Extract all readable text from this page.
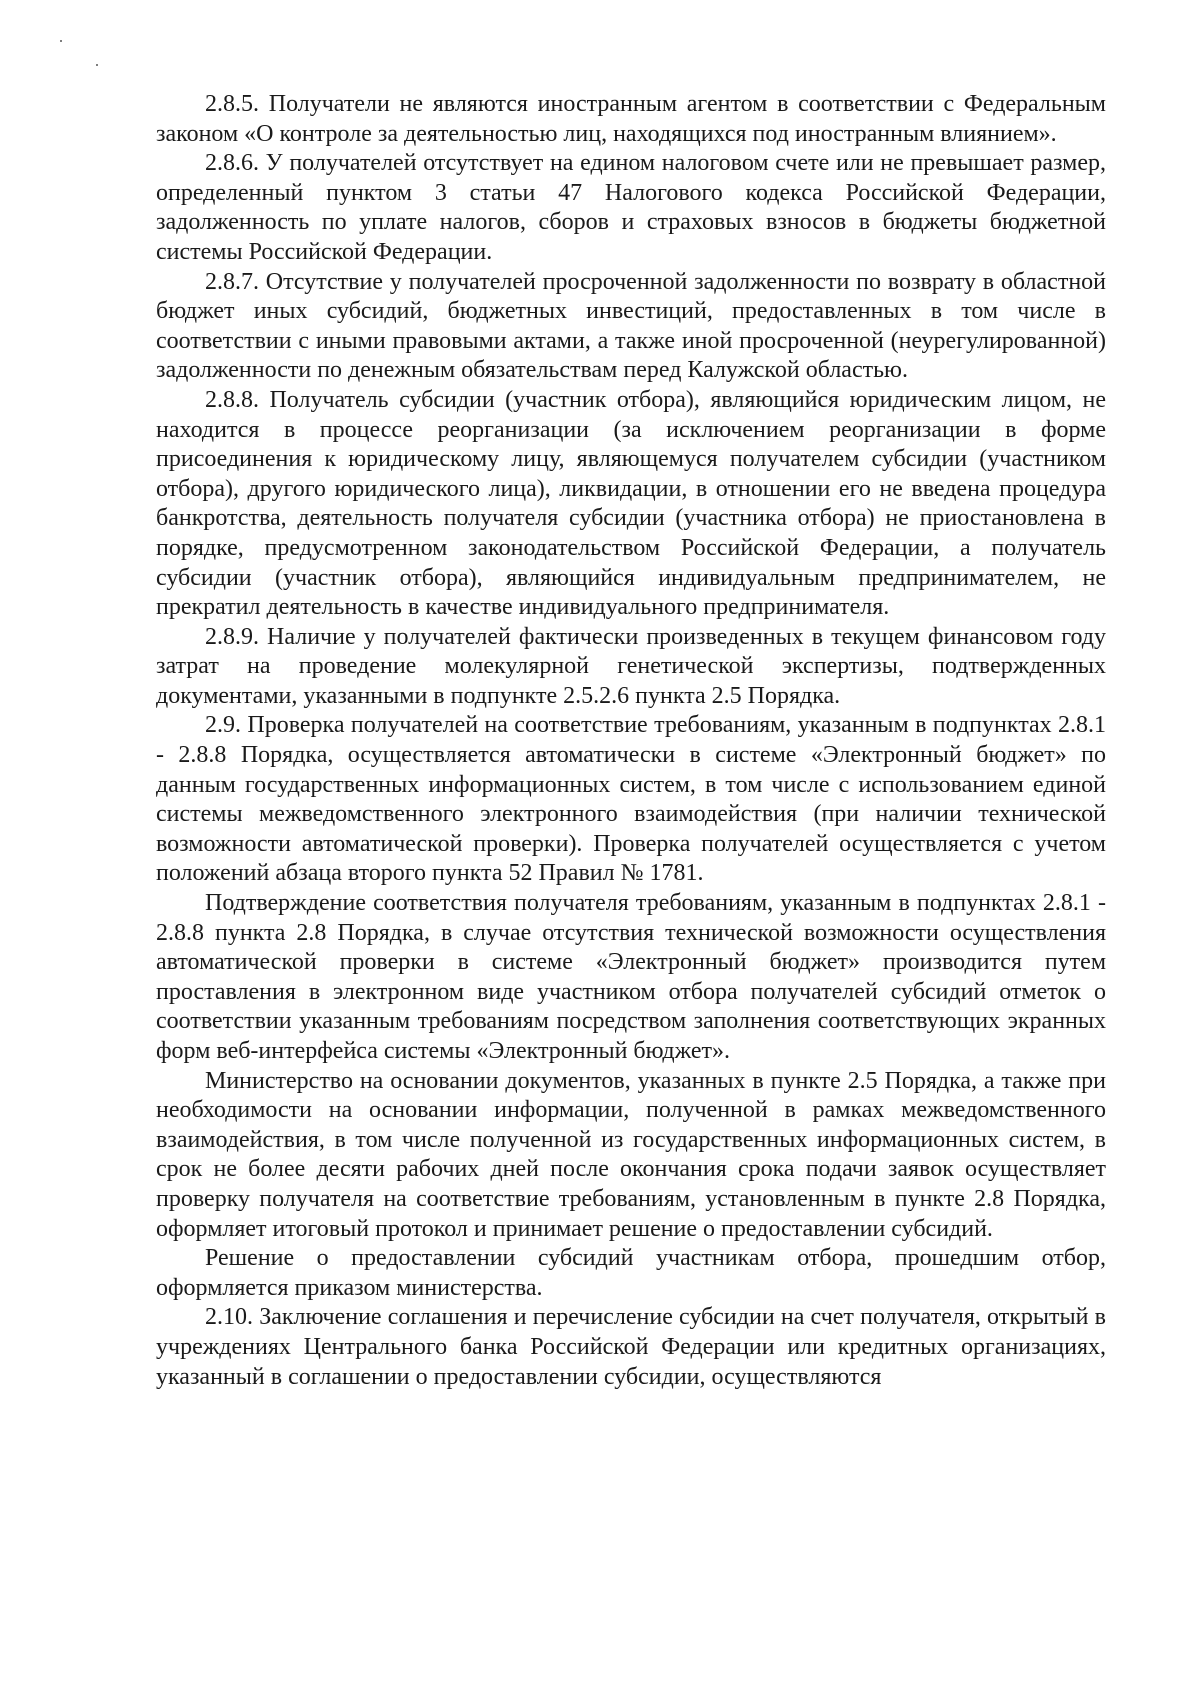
2.8.5. Получатели не являются иностранным агентом в соответствии с Федеральным законом «О контроле за деятельностью лиц, находящихся под иностранным влиянием».

2.8.6. У получателей отсутствует на едином налоговом счете или не превышает размер, определенный пунктом 3 статьи 47 Налогового кодекса Российской Федерации, задолженность по уплате налогов, сборов и страховых взносов в бюджеты бюджетной системы Российской Федерации.

2.8.7. Отсутствие у получателей просроченной задолженности по возврату в областной бюджет иных субсидий, бюджетных инвестиций, предоставленных в том числе в соответствии с иными правовыми актами, а также иной просроченной (неурегулированной) задолженности по денежным обязательствам перед Калужской областью.

2.8.8. Получатель субсидии (участник отбора), являющийся юридическим лицом, не находится в процессе реорганизации (за исключением реорганизации в форме присоединения к юридическому лицу, являющемуся получателем субсидии (участником отбора), другого юридического лица), ликвидации, в отношении его не введена процедура банкротства, деятельность получателя субсидии (участника отбора) не приостановлена в порядке, предусмотренном законодательством Российской Федерации, а получатель субсидии (участник отбора), являющийся индивидуальным предпринимателем, не прекратил деятельность в качестве индивидуального предпринимателя.

2.8.9. Наличие у получателей фактически произведенных в текущем финансовом году затрат на проведение молекулярной генетической экспертизы, подтвержденных документами, указанными в подпункте 2.5.2.6 пункта 2.5 Порядка.

2.9. Проверка получателей на соответствие требованиям, указанным в подпунктах 2.8.1 - 2.8.8 Порядка, осуществляется автоматически в системе «Электронный бюджет» по данным государственных информационных систем, в том числе с использованием единой системы межведомственного электронного взаимодействия (при наличии технической возможности автоматической проверки). Проверка получателей осуществляется с учетом положений абзаца второго пункта 52 Правил № 1781.

Подтверждение соответствия получателя требованиям, указанным в подпунктах 2.8.1 - 2.8.8 пункта 2.8 Порядка, в случае отсутствия технической возможности осуществления автоматической проверки в системе «Электронный бюджет» производится путем проставления в электронном виде участником отбора получателей субсидий отметок о соответствии указанным требованиям посредством заполнения соответствующих экранных форм веб-интерфейса системы «Электронный бюджет».

Министерство на основании документов, указанных в пункте 2.5 Порядка, а также при необходимости на основании информации, полученной в рамках межведомственного взаимодействия, в том числе полученной из государственных информационных систем, в срок не более десяти рабочих дней после окончания срока подачи заявок осуществляет проверку получателя на соответствие требованиям, установленным в пункте 2.8 Порядка, оформляет итоговый протокол и принимает решение о предоставлении субсидий.

Решение о предоставлении субсидий участникам отбора, прошедшим отбор, оформляется приказом министерства.

2.10. Заключение соглашения и перечисление субсидии на счет получателя, открытый в учреждениях Центрального банка Российской Федерации или кредитных организациях, указанный в соглашении о предоставлении субсидии, осуществляются
